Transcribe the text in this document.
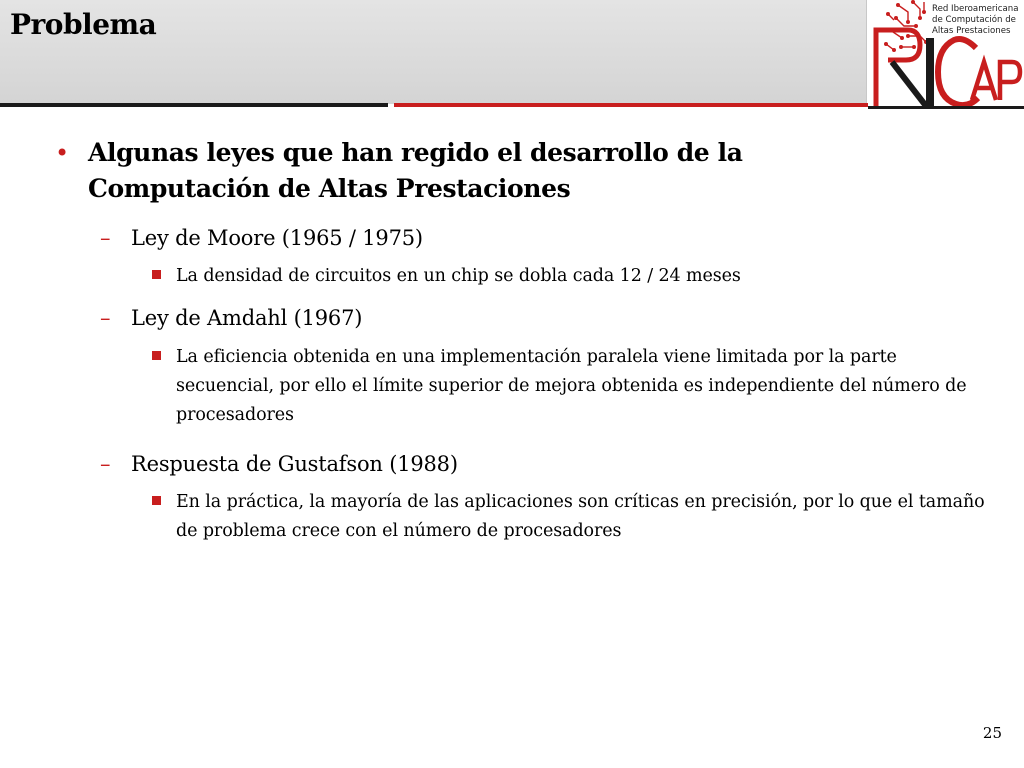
Problema	Red Iberoamericana
de Computación de
Altas Prestaciones
• Algunas leyes que han regido el desarrollo de la Computación de Altas Prestaciones
– Ley de Moore (1965 / 1975)
La densidad de circuitos en un chip se dobla cada 12 / 24 meses
– Ley de Amdahl (1967)
La eficiencia obtenida en una implementación paralela viene limitada por la parte secuencial, por ello el límite superior de mejora obtenida es independiente del número de procesadores
– Respuesta de Gustafson (1988)
En la práctica, la mayoría de las aplicaciones son críticas en precisión, por lo que el tamaño de problema crece con el número de procesadores
25
